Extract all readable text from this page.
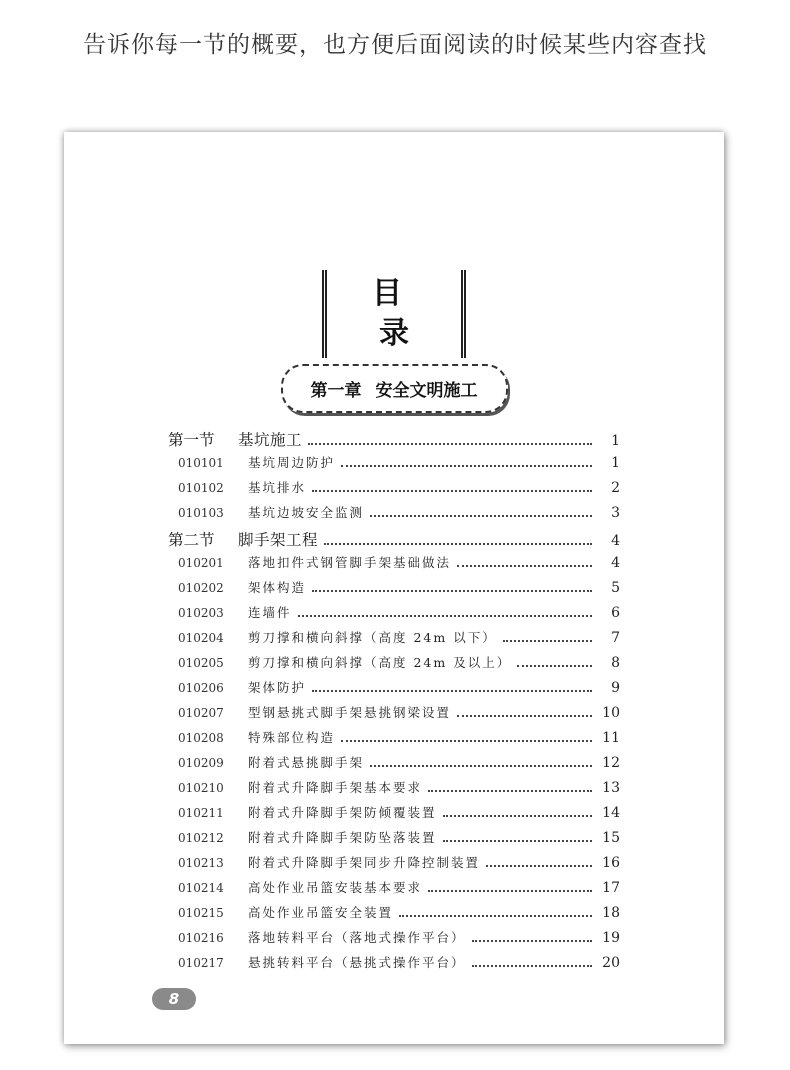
告诉你每一节的概要，也方便后面阅读的时候某些内容查找
目 录
第一章 安全文明施工
第一节	基坑施工	1
010101	基坑周边防护	1
010102	基坑排水	2
010103	基坑边坡安全监测	3
第二节	脚手架工程	4
010201	落地扣件式钢管脚手架基础做法	4
010202	架体构造	5
010203	连墙件	6
010204	剪刀撑和横向斜撑（高度 24m 以下）	7
010205	剪刀撑和横向斜撑（高度 24m 及以上）	8
010206	架体防护	9
010207	型钢悬挑式脚手架悬挑钢梁设置	10
010208	特殊部位构造	11
010209	附着式悬挑脚手架	12
010210	附着式升降脚手架基本要求	13
010211	附着式升降脚手架防倾覆装置	14
010212	附着式升降脚手架防坠落装置	15
010213	附着式升降脚手架同步升降控制装置	16
010214	高处作业吊篮安装基本要求	17
010215	高处作业吊篮安全装置	18
010216	落地转料平台（落地式操作平台）	19
010217	悬挑转料平台（悬挑式操作平台）	20
8
